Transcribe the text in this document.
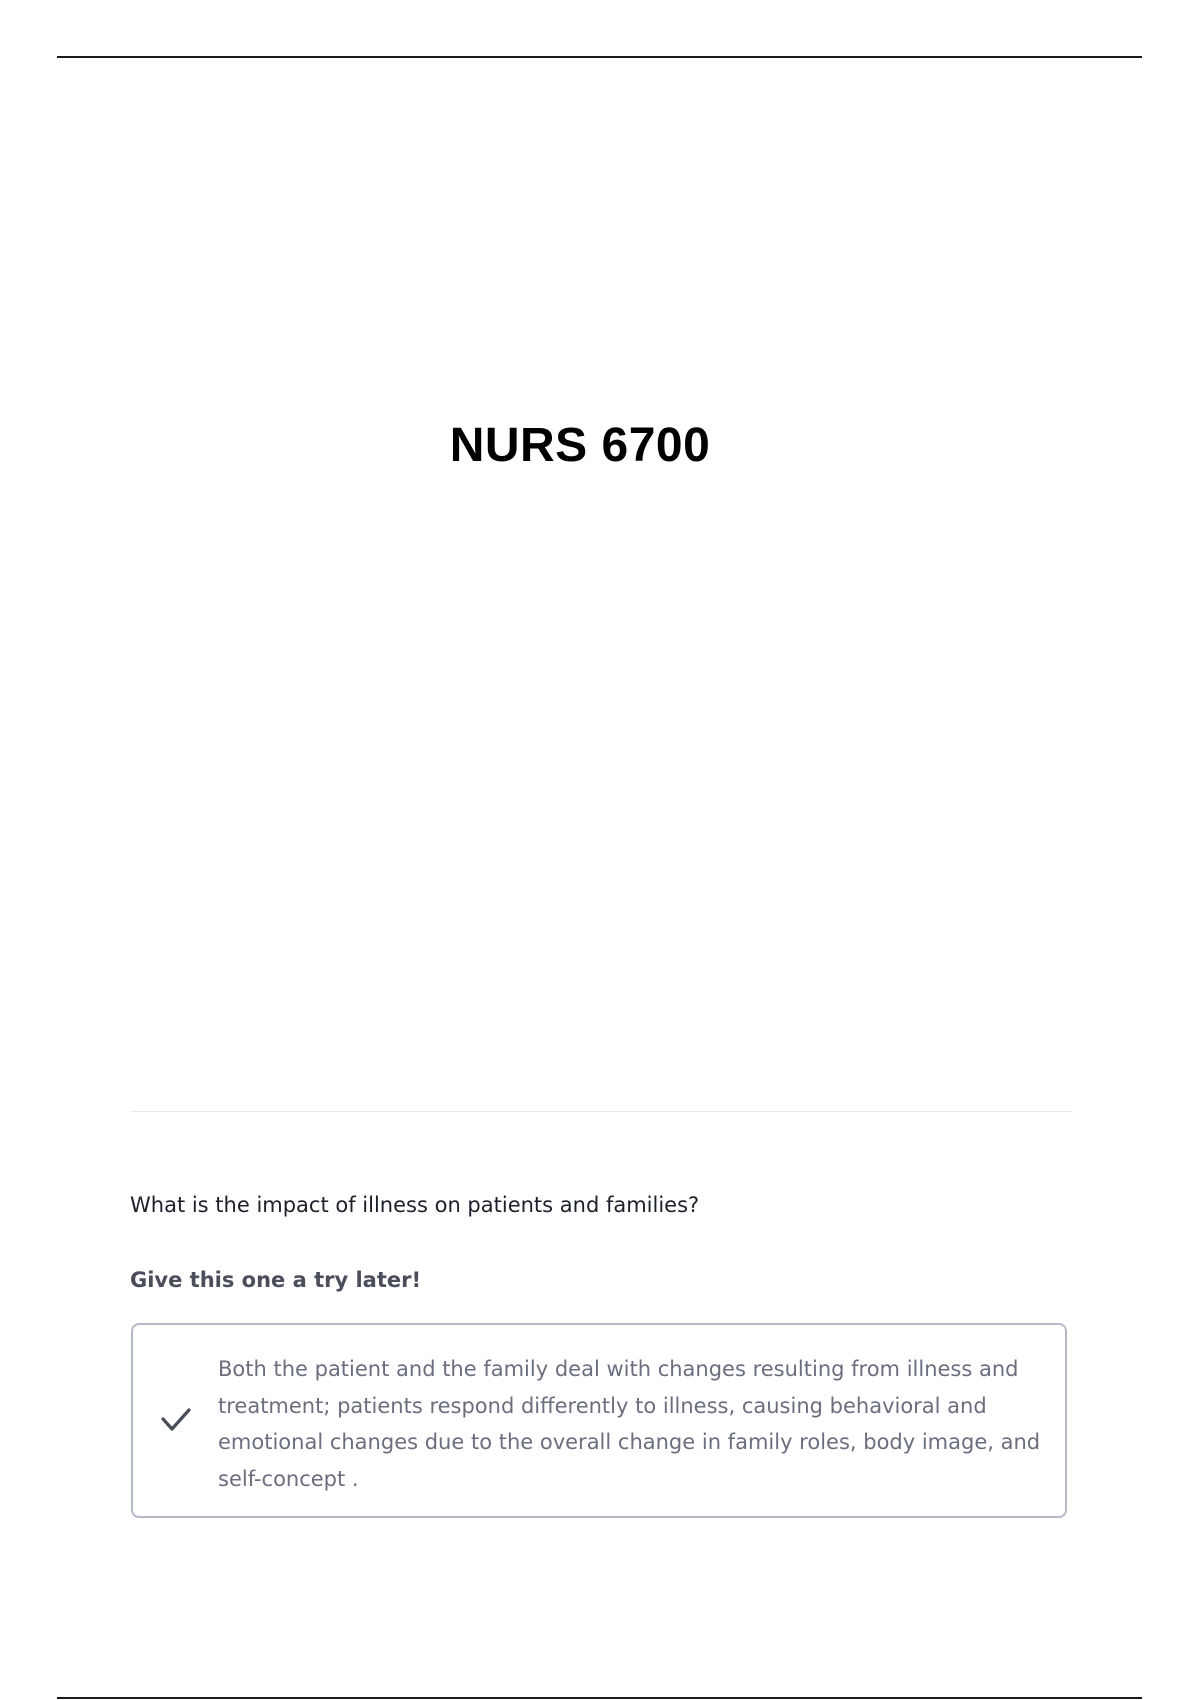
NURS 6700
What is the impact of illness on patients and families?
Give this one a try later!
Both the patient and the family deal with changes resulting from illness and treatment; patients respond differently to illness, causing behavioral and emotional changes due to the overall change in family roles, body image, and self-concept .
